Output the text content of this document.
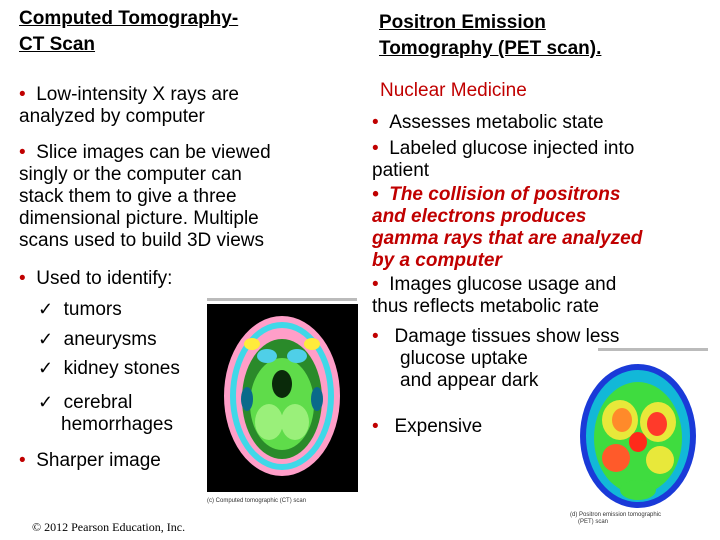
Computed Tomography-
CT Scan
• Low-intensity X rays are
analyzed by computer
• Slice images can be viewed
singly or the computer can
stack them to give a three
dimensional picture. Multiple
scans used to build 3D views
• Used to identify:
✓ tumors
✓ aneurysms
✓ kidney stones
✓ cerebral
hemorrhages
• Sharper image
© 2012 Pearson Education, Inc.
(c) Computed tomographic (CT) scan
Positron Emission
Tomography (PET scan).
Nuclear Medicine
• Assesses metabolic state
• Labeled glucose injected into
patient
• The collision of positrons
and electrons produces
gamma rays that are analyzed
by a computer
• Images glucose usage and
thus reflects metabolic rate
(d) Positron emission tomographic
(PET) scan
• Damage tissues show less
glucose uptake
and appear dark
• Expensive
